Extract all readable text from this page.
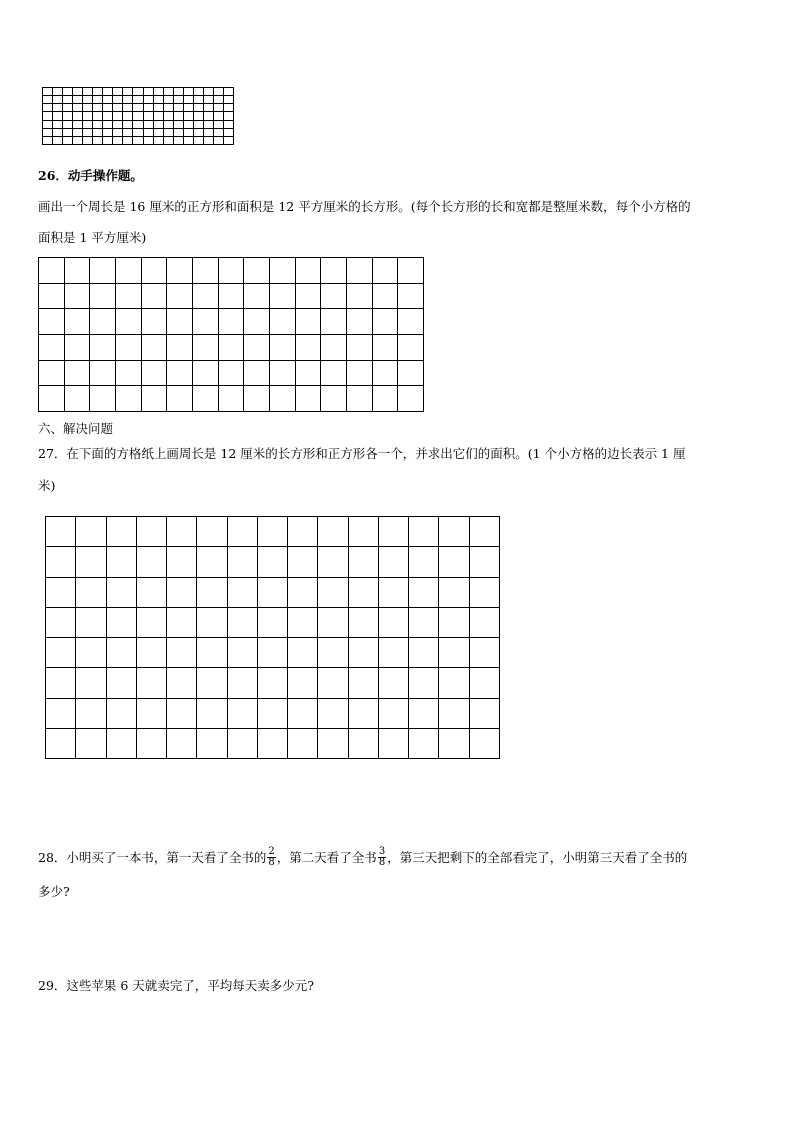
26．动手操作题。
画出一个周长是 16 厘米的正方形和面积是 12 平方厘米的长方形。(每个长方形的长和宽都是整厘米数，每个小方格的
面积是 1 平方厘米)
六、解决问题
27．在下面的方格纸上画周长是 12 厘米的长方形和正方形各一个，并求出它们的面积。(1 个小方格的边长表示 1 厘
米)
28．小明买了一本书，第一天看了全书的 $\frac{2}{8}$ ，第二天看了全书 $\frac{3}{8}$ ，第三天把剩下的全部看完了，小明第三天看了全书的
多少?
29．这些苹果 6 天就卖完了，平均每天卖多少元?
